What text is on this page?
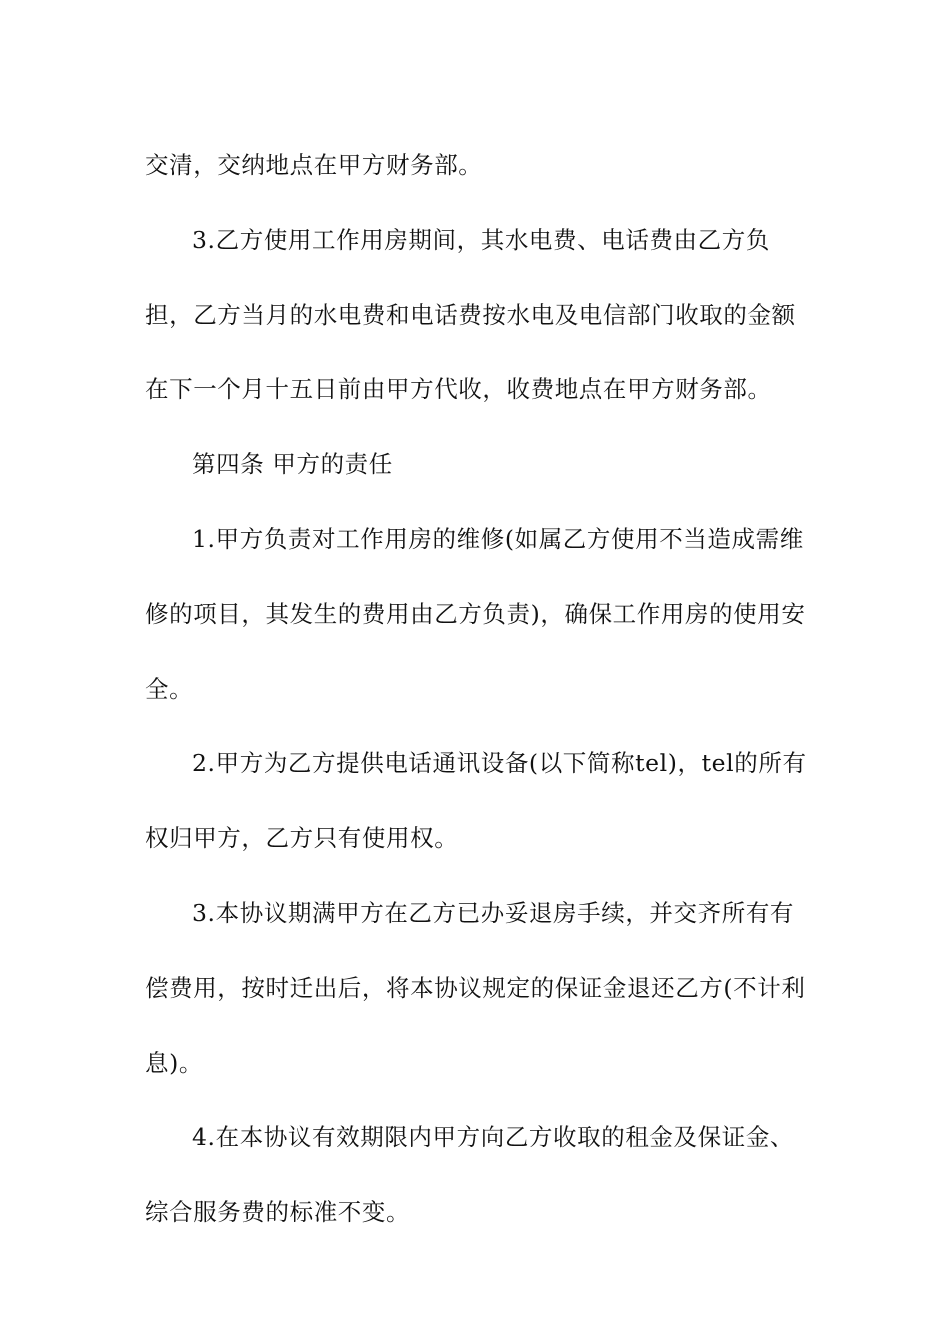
交清，交纳地点在甲方财务部。

3.乙方使用工作用房期间，其水电费、电话费由乙方负担，乙方当月的水电费和电话费按水电及电信部门收取的金额在下一个月十五日前由甲方代收，收费地点在甲方财务部。

第四条 甲方的责任

1.甲方负责对工作用房的维修(如属乙方使用不当造成需维修的项目，其发生的费用由乙方负责)，确保工作用房的使用安全。

2.甲方为乙方提供电话通讯设备(以下简称tel)，tel的所有权归甲方，乙方只有使用权。

3.本协议期满甲方在乙方已办妥退房手续，并交齐所有有偿费用，按时迁出后，将本协议规定的保证金退还乙方(不计利息)。

4.在本协议有效期限内甲方向乙方收取的租金及保证金、综合服务费的标准不变。
